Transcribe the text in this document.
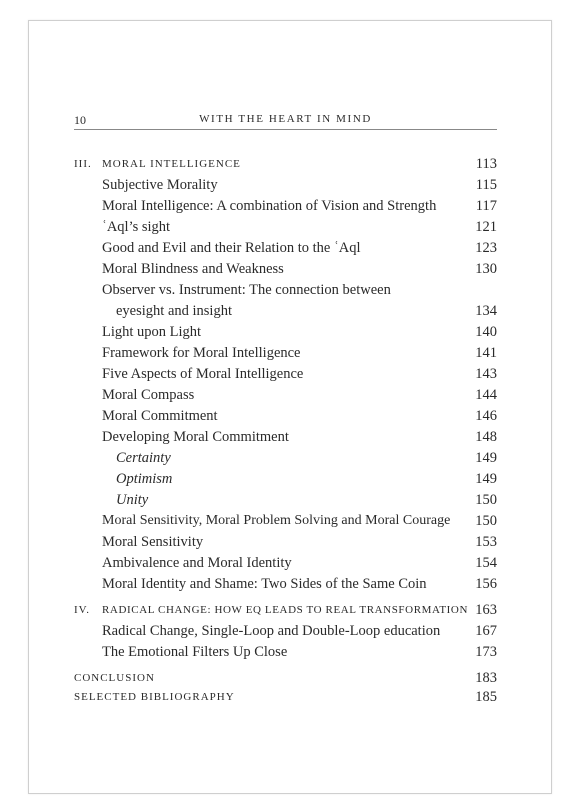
10	WITH THE HEART IN MIND
III. MORAL INTELLIGENCE	113
Subjective Morality	115
Moral Intelligence: A combination of Vision and Strength	117
ʿAql’s sight	121
Good and Evil and their Relation to the ʿAql	123
Moral Blindness and Weakness	130
Observer vs. Instrument: The connection between
eyesight and insight	134
Light upon Light	140
Framework for Moral Intelligence	141
Five Aspects of Moral Intelligence	143
Moral Compass	144
Moral Commitment	146
Developing Moral Commitment	148
Certainty	149
Optimism	149
Unity	150
Moral Sensitivity, Moral Problem Solving and Moral Courage 150
Moral Sensitivity	153
Ambivalence and Moral Identity	154
Moral Identity and Shame: Two Sides of the Same Coin	156
IV. RADICAL CHANGE: HOW EQ LEADS TO REAL TRANSFORMATION 163
Radical Change, Single-Loop and Double-Loop education 167
The Emotional Filters Up Close	173
CONCLUSION	183
SELECTED BIBLIOGRAPHY	185
